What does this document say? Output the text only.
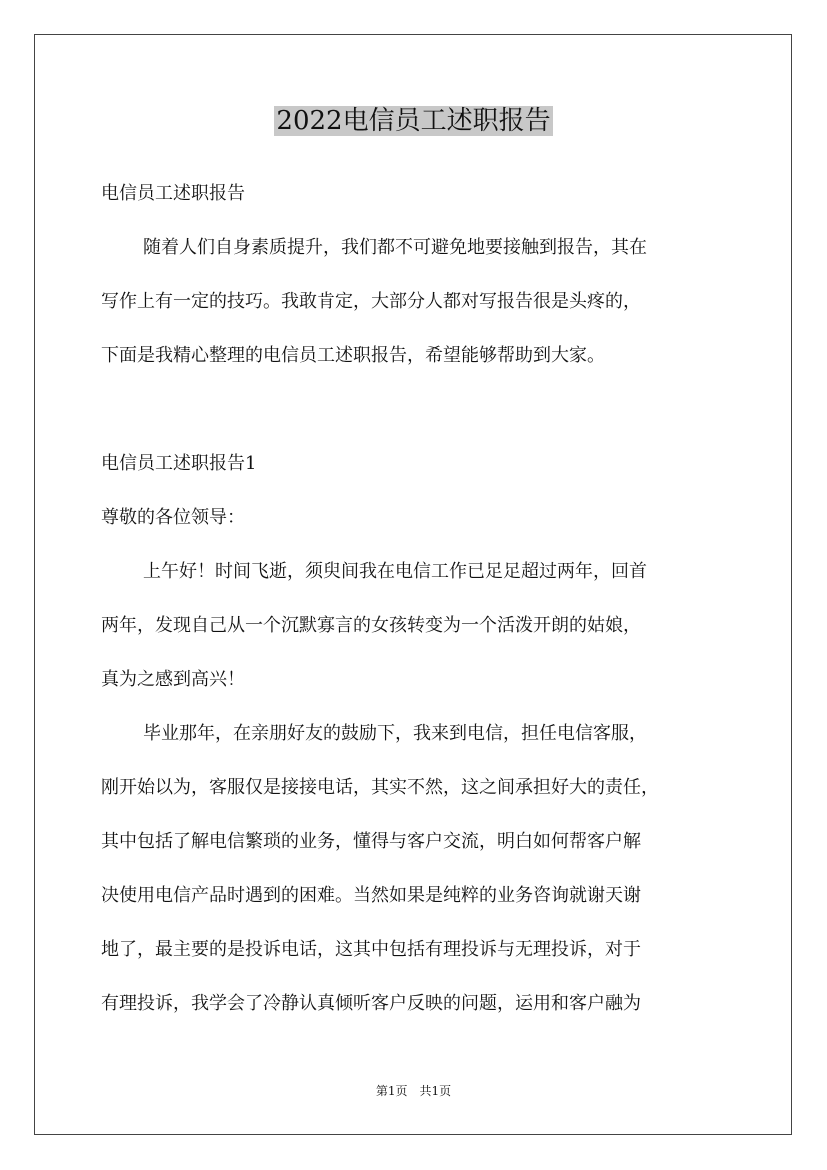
2022电信员工述职报告

电信员工述职报告

随着人们自身素质提升，我们都不可避免地要接触到报告，其在

写作上有一定的技巧。我敢肯定，大部分人都对写报告很是头疼的，

下面是我精心整理的电信员工述职报告，希望能够帮助到大家。

电信员工述职报告1

尊敬的各位领导：

上午好！时间飞逝，须臾间我在电信工作已足足超过两年，回首

两年，发现自己从一个沉默寡言的女孩转变为一个活泼开朗的姑娘，

真为之感到高兴！

毕业那年，在亲朋好友的鼓励下，我来到电信，担任电信客服，

刚开始以为，客服仅是接接电话，其实不然，这之间承担好大的责任，

其中包括了解电信繁琐的业务，懂得与客户交流，明白如何帮客户解

决使用电信产品时遇到的困难。当然如果是纯粹的业务咨询就谢天谢

地了，最主要的是投诉电话，这其中包括有理投诉与无理投诉，对于

有理投诉，我学会了冷静认真倾听客户反映的问题，运用和客户融为

第1页　共1页
